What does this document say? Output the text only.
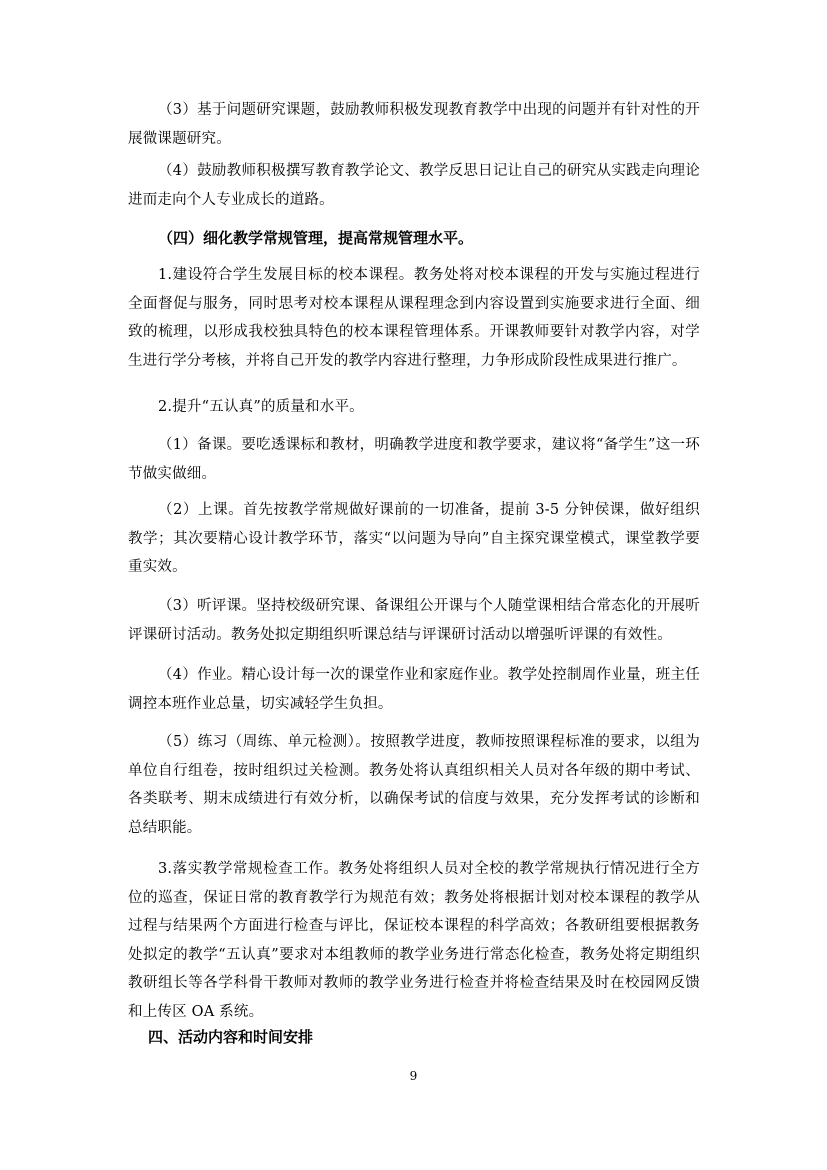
（3）基于问题研究课题，鼓励教师积极发现教育教学中出现的问题并有针对性的开展微课题研究。

（4）鼓励教师积极撰写教育教学论文、教学反思日记让自己的研究从实践走向理论进而走向个人专业成长的道路。

（四）细化教学常规管理，提高常规管理水平。

1.建设符合学生发展目标的校本课程。教务处将对校本课程的开发与实施过程进行全面督促与服务，同时思考对校本课程从课程理念到内容设置到实施要求进行全面、细致的梳理，以形成我校独具特色的校本课程管理体系。开课教师要针对教学内容，对学生进行学分考核，并将自己开发的教学内容进行整理，力争形成阶段性成果进行推广。

2.提升“五认真”的质量和水平。

（1）备课。要吃透课标和教材，明确教学进度和教学要求，建议将“备学生”这一环节做实做细。

（2）上课。首先按教学常规做好课前的一切准备，提前 3-5 分钟侯课，做好组织教学；其次要精心设计教学环节，落实“以问题为导向”自主探究课堂模式，课堂教学要重实效。

（3）听评课。坚持校级研究课、备课组公开课与个人随堂课相结合常态化的开展听评课研讨活动。教务处拟定期组织听课总结与评课研讨活动以增强听评课的有效性。

（4）作业。精心设计每一次的课堂作业和家庭作业。教学处控制周作业量，班主任调控本班作业总量，切实减轻学生负担。

（5）练习（周练、单元检测）。按照教学进度，教师按照课程标准的要求，以组为单位自行组卷，按时组织过关检测。教务处将认真组织相关人员对各年级的期中考试、各类联考、期末成绩进行有效分析，以确保考试的信度与效果，充分发挥考试的诊断和总结职能。

3.落实教学常规检查工作。教务处将组织人员对全校的教学常规执行情况进行全方位的巡查，保证日常的教育教学行为规范有效；教务处将根据计划对校本课程的教学从过程与结果两个方面进行检查与评比，保证校本课程的科学高效；各教研组要根据教务处拟定的教学“五认真”要求对本组教师的教学业务进行常态化检查，教务处将定期组织教研组长等各学科骨干教师对教师的教学业务进行检查并将检查结果及时在校园网反馈和上传区 OA 系统。

四、活动内容和时间安排

9
